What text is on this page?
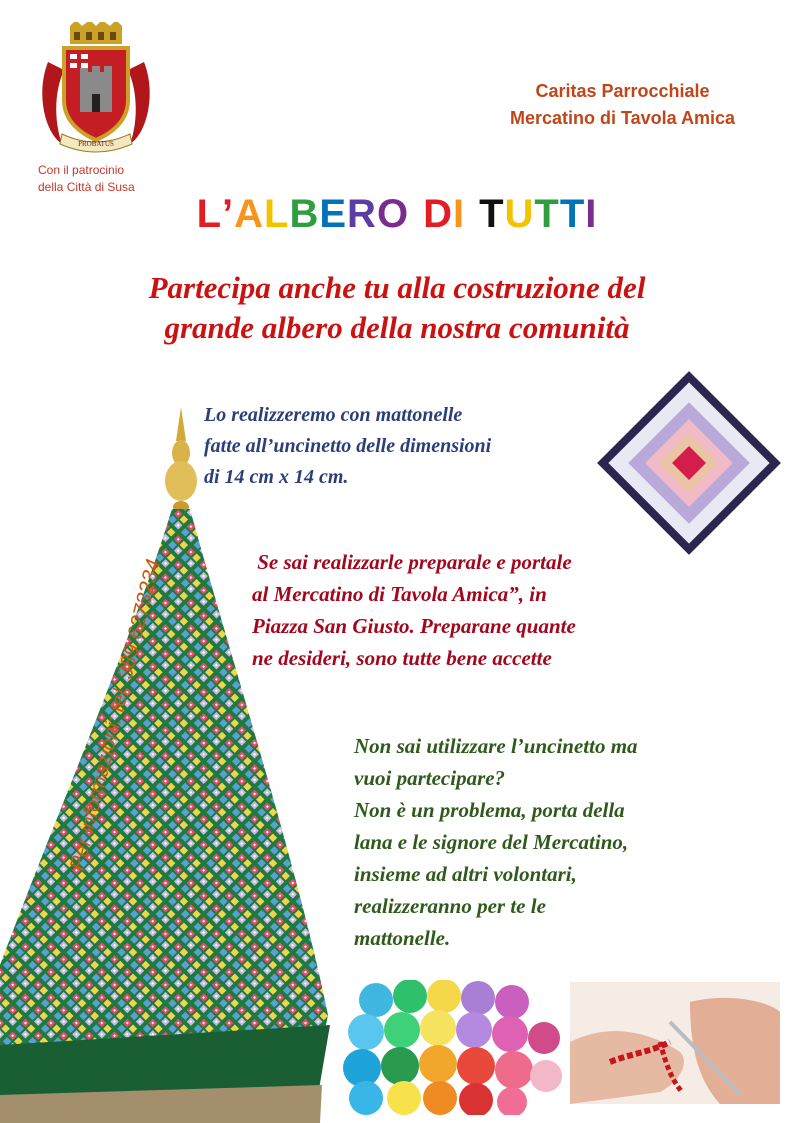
PROBATUS
Con il patrocinio
della Città di Susa
Caritas Parrocchiale
Mercatino di Tavola Amica
L’ALBERO DI TUTTI
Partecipa anche tu alla costruzione del
grande albero della nostra comunità
Per informazioni: tel. 389.6273234
Lo realizzeremo con mattonelle
fatte all’uncinetto delle dimensioni
di 14 cm x 14 cm.
Se sai realizzarle preparale e portale
al Mercatino di Tavola Amica”, in
Piazza San Giusto. Preparane quante
ne desideri, sono tutte bene accette
Non sai utilizzare l’uncinetto ma
vuoi partecipare?
Non è un problema, porta della
lana e le signore del Mercatino,
insieme ad altri volontari,
realizzeranno per te le
mattonelle.
